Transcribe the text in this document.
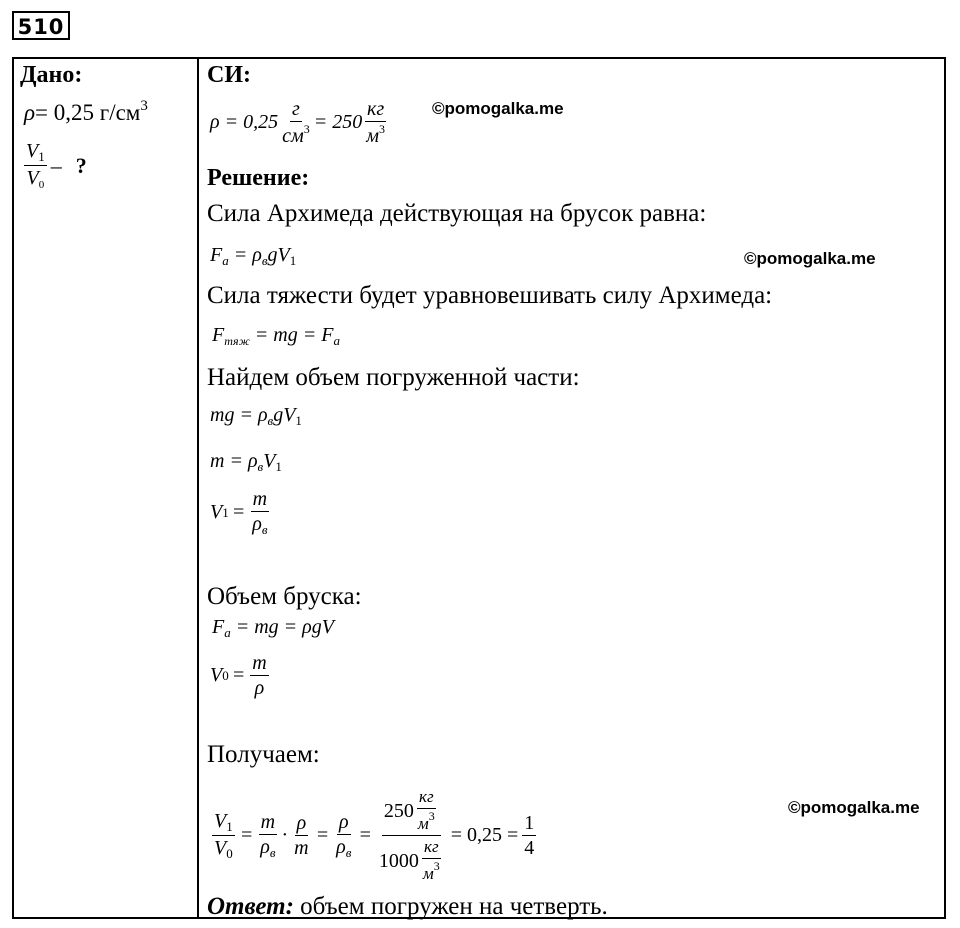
510
Дано:
ρ= 0,25 $г/см^3$
$\frac{V_1}{V_0}$ – ?
СИ:
$\rho = 0,25 \frac{г}{см^3} = 250 \frac{кг}{м^3}$	©pomogalka.me
Решение:
Сила Архимеда действующая на брусок равна:
$F_a = \rho_вgV_1$	©pomogalka.me
Сила тяжести будет уравновешивать силу Архимеда:
$F_{тяж}$ = mg = $F_a$
Найдем объем погруженной части:
mg = $\rho_вgV_1$
$m = \rho_вV_1$
V $1 = \frac{m}{\rho_в}$
Объем бруска:
$F_a$ = mg = ρgV
V $0 = \frac{m}{\rho}$
Получаем:
$\frac{V_1}{V_0} = \frac{m}{\rho_в} \cdot \frac{\rho}{m} = \frac{\rho}{\rho_в} = \frac{250 \frac{кг}{м^3}}{1000 \frac{кг}{м^3}} = 0,25 = \frac{1}{4}$
©pomogalka.me
Ответ: объем погружен на четверть.
